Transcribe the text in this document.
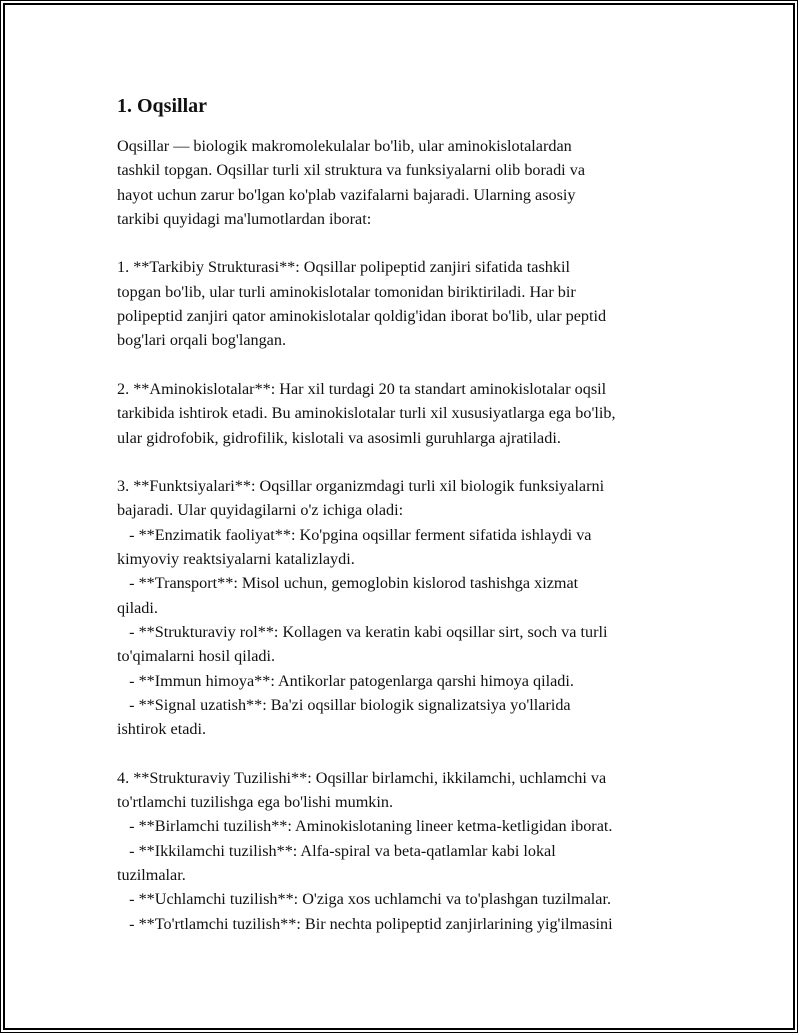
1. Oqsillar
Oqsillar — biologik makromolekulalar bo'lib, ular aminokislotalardan
tashkil topgan. Oqsillar turli xil struktura va funksiyalarni olib boradi va
hayot uchun zarur bo'lgan ko'plab vazifalarni bajaradi. Ularning asosiy
tarkibi quyidagi ma'lumotlardan iborat:
1. **Tarkibiy Strukturasi**: Oqsillar polipeptid zanjiri sifatida tashkil
topgan bo'lib, ular turli aminokislotalar tomonidan biriktiriladi. Har bir
polipeptid zanjiri qator aminokislotalar qoldig'idan iborat bo'lib, ular peptid
bog'lari orqali bog'langan.
2. **Aminokislotalar**: Har xil turdagi 20 ta standart aminokislotalar oqsil
tarkibida ishtirok etadi. Bu aminokislotalar turli xil xususiyatlarga ega bo'lib,
ular gidrofobik, gidrofilik, kislotali va asosimli guruhlarga ajratiladi.
3. **Funktsiyalari**: Oqsillar organizmdagi turli xil biologik funksiyalarni
bajaradi. Ular quyidagilarni o'z ichiga oladi:
- **Enzimatik faoliyat**: Ko'pgina oqsillar ferment sifatida ishlaydi va
kimyoviy reaktsiyalarni katalizlaydi.
- **Transport**: Misol uchun, gemoglobin kislorod tashishga xizmat
qiladi.
- **Strukturaviy rol**: Kollagen va keratin kabi oqsillar sirt, soch va turli
to'qimalarni hosil qiladi.
- **Immun himoya**: Antikorlar patogenlarga qarshi himoya qiladi.
- **Signal uzatish**: Ba'zi oqsillar biologik signalizatsiya yo'llarida
ishtirok etadi.
4. **Strukturaviy Tuzilishi**: Oqsillar birlamchi, ikkilamchi, uchlamchi va
to'rtlamchi tuzilishga ega bo'lishi mumkin.
- **Birlamchi tuzilish**: Aminokislotaning lineer ketma-ketligidan iborat.
- **Ikkilamchi tuzilish**: Alfa-spiral va beta-qatlamlar kabi lokal
tuzilmalar.
- **Uchlamchi tuzilish**: O'ziga xos uchlamchi va to'plashgan tuzilmalar.
- **To'rtlamchi tuzilish**: Bir nechta polipeptid zanjirlarining yig'ilmasini
